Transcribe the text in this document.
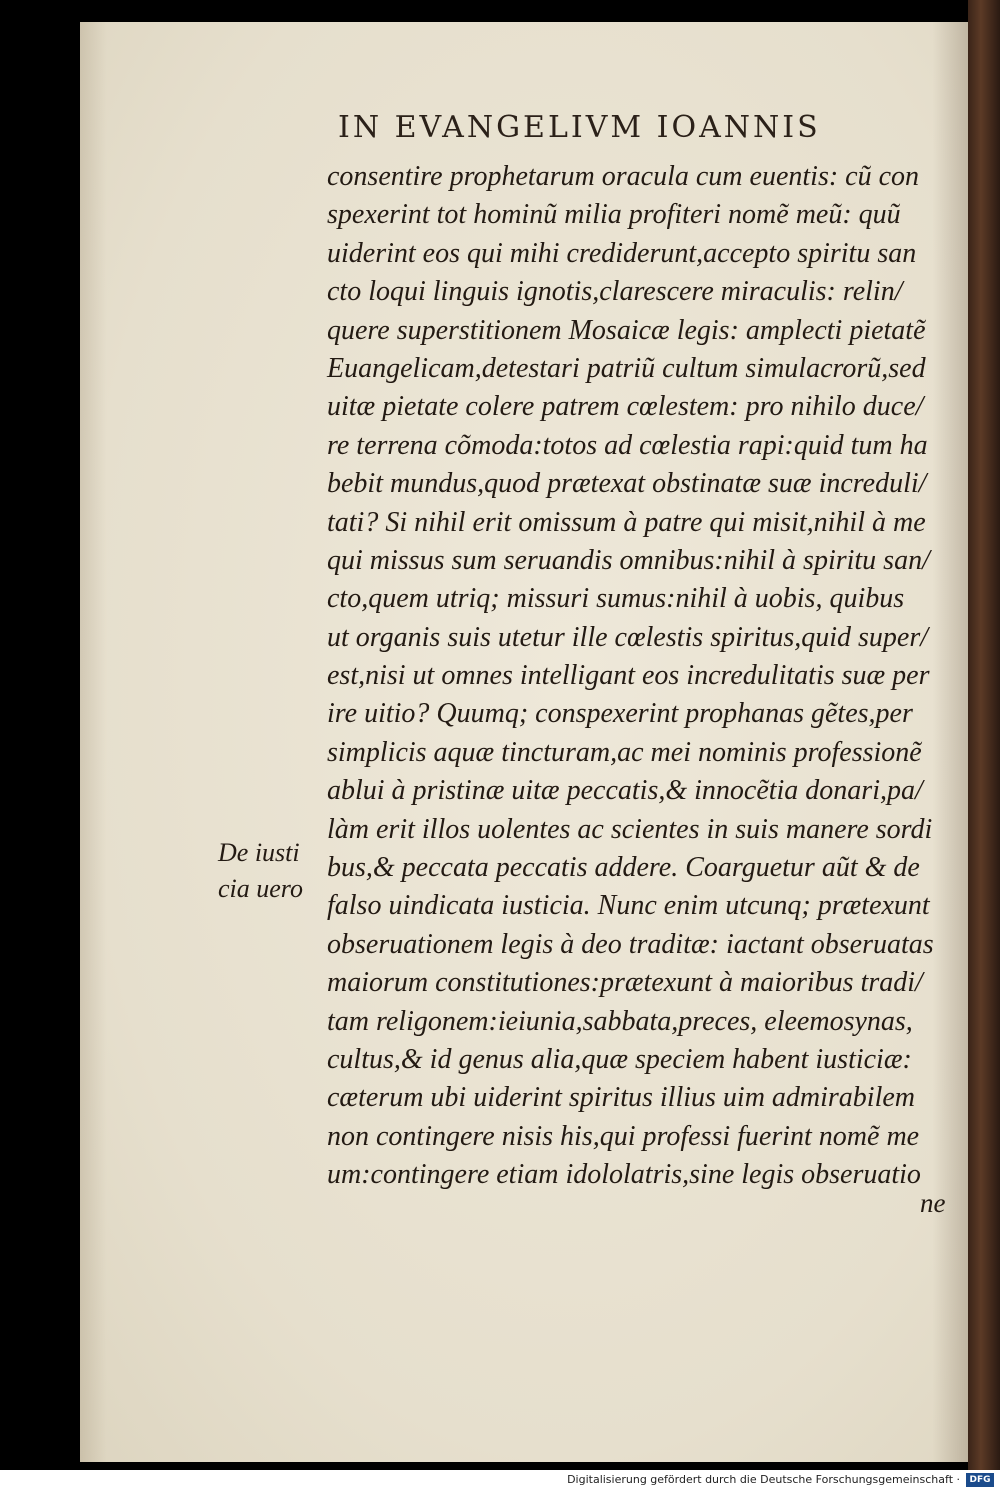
IN EVANGELIVM IOANNIS
De iusti
cia uero
consentire prophetarum oracula cum euentis: cũ con
spexerint tot hominũ milia profiteri nomẽ meũ: quũ
uiderint eos qui mihi crediderunt,accepto spiritu san
cto loqui linguis ignotis,clarescere miraculis: relin/
quere superstitionem Mosaicæ legis: amplecti pietatẽ
Euangelicam,detestari patriũ cultum simulacrorũ,sed
uitæ pietate colere patrem cœlestem: pro nihilo duce/
re terrena cõmoda:totos ad cœlestia rapi:quid tum ha
bebit mundus,quod prætexat obstinatæ suæ increduli/
tati? Si nihil erit omissum à patre qui misit,nihil à me
qui missus sum seruandis omnibus:nihil à spiritu san/
cto,quem utriq; missuri sumus:nihil à uobis, quibus
ut organis suis utetur ille cœlestis spiritus,quid super/
est,nisi ut omnes intelligant eos incredulitatis suæ per
ire uitio? Quumq; conspexerint prophanas gẽtes,per
simplicis aquæ tincturam,ac mei nominis professionẽ
ablui à pristinæ uitæ peccatis,& innocẽtia donari,pa/
làm erit illos uolentes ac scientes in suis manere sordi
bus,& peccata peccatis addere. Coarguetur aũt & de
falso uindicata iusticia. Nunc enim utcunq; prætexunt
obseruationem legis à deo traditæ: iactant obseruatas
maiorum constitutiones:prætexunt à maioribus tradi/
tam religonem:ieiunia,sabbata,preces, eleemosynas,
cultus,& id genus alia,quæ speciem habent iusticiæ:
cæterum ubi uiderint spiritus illius uim admirabilem
non contingere nisis his,qui professi fuerint nomẽ me
um:contingere etiam idololatris,sine legis obseruatio
ne
Digitalisierung gefördert durch die Deutsche Forschungsgemeinschaft ·	DFG
